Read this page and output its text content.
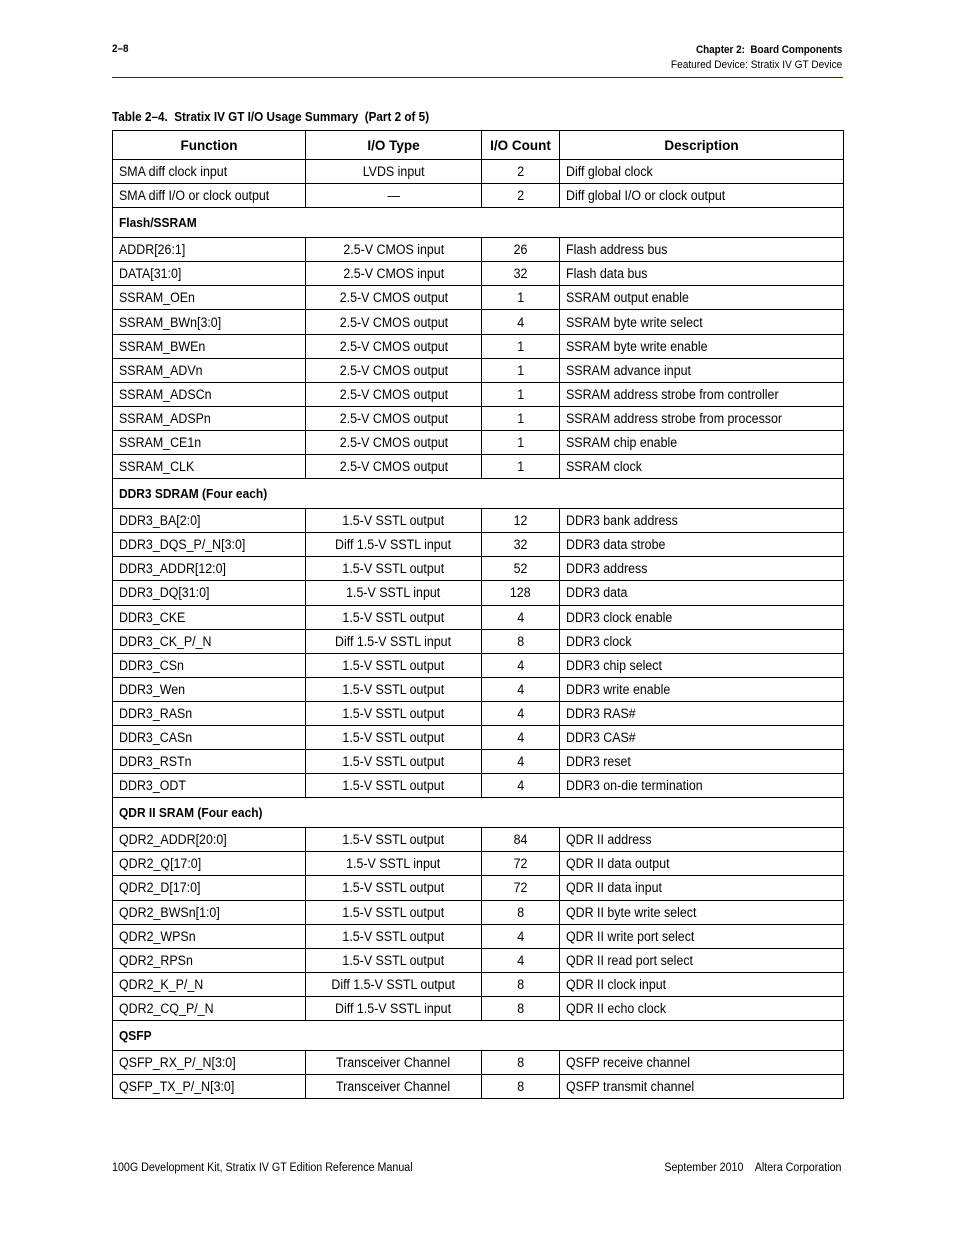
2–8	Chapter 2:  Board Components
Featured Device: Stratix IV GT Device
Table 2–4.  Stratix IV GT I/O Usage Summary  (Part 2 of 5)
Function	I/O Type	I/O Count	Description
SMA diff clock input	LVDS input	2	Diff global clock
SMA diff I/O or clock output	—	2	Diff global I/O or clock output
Flash/SSRAM			
ADDR[26:1]	2.5-V CMOS input	26	Flash address bus
DATA[31:0]	2.5-V CMOS input	32	Flash data bus
SSRAM_OEn	2.5-V CMOS output	1	SSRAM output enable
SSRAM_BWn[3:0]	2.5-V CMOS output	4	SSRAM byte write select
SSRAM_BWEn	2.5-V CMOS output	1	SSRAM byte write enable
SSRAM_ADVn	2.5-V CMOS output	1	SSRAM advance input
SSRAM_ADSCn	2.5-V CMOS output	1	SSRAM address strobe from controller
SSRAM_ADSPn	2.5-V CMOS output	1	SSRAM address strobe from processor
SSRAM_CE1n	2.5-V CMOS output	1	SSRAM chip enable
SSRAM_CLK	2.5-V CMOS output	1	SSRAM clock
DDR3 SDRAM (Four each)			
DDR3_BA[2:0]	1.5-V SSTL output	12	DDR3 bank address
DDR3_DQS_P/_N[3:0]	Diff 1.5-V SSTL input	32	DDR3 data strobe
DDR3_ADDR[12:0]	1.5-V SSTL output	52	DDR3 address
DDR3_DQ[31:0]	1.5-V SSTL input	128	DDR3 data
DDR3_CKE	1.5-V SSTL output	4	DDR3 clock enable
DDR3_CK_P/_N	Diff 1.5-V SSTL input	8	DDR3 clock
DDR3_CSn	1.5-V SSTL output	4	DDR3 chip select
DDR3_Wen	1.5-V SSTL output	4	DDR3 write enable
DDR3_RASn	1.5-V SSTL output	4	DDR3 RAS#
DDR3_CASn	1.5-V SSTL output	4	DDR3 CAS#
DDR3_RSTn	1.5-V SSTL output	4	DDR3 reset
DDR3_ODT	1.5-V SSTL output	4	DDR3 on-die termination
QDR II SRAM (Four each)			
QDR2_ADDR[20:0]	1.5-V SSTL output	84	QDR II address
QDR2_Q[17:0]	1.5-V SSTL input	72	QDR II data output
QDR2_D[17:0]	1.5-V SSTL output	72	QDR II data input
QDR2_BWSn[1:0]	1.5-V SSTL output	8	QDR II byte write select
QDR2_WPSn	1.5-V SSTL output	4	QDR II write port select
QDR2_RPSn	1.5-V SSTL output	4	QDR II read port select
QDR2_K_P/_N	Diff 1.5-V SSTL output	8	QDR II clock input
QDR2_CQ_P/_N	Diff 1.5-V SSTL input	8	QDR II echo clock
QSFP			
QSFP_RX_P/_N[3:0]	Transceiver Channel	8	QSFP receive channel
QSFP_TX_P/_N[3:0]	Transceiver Channel	8	QSFP transmit channel
100G Development Kit, Stratix IV GT Edition Reference Manual	September 2010    Altera Corporation
